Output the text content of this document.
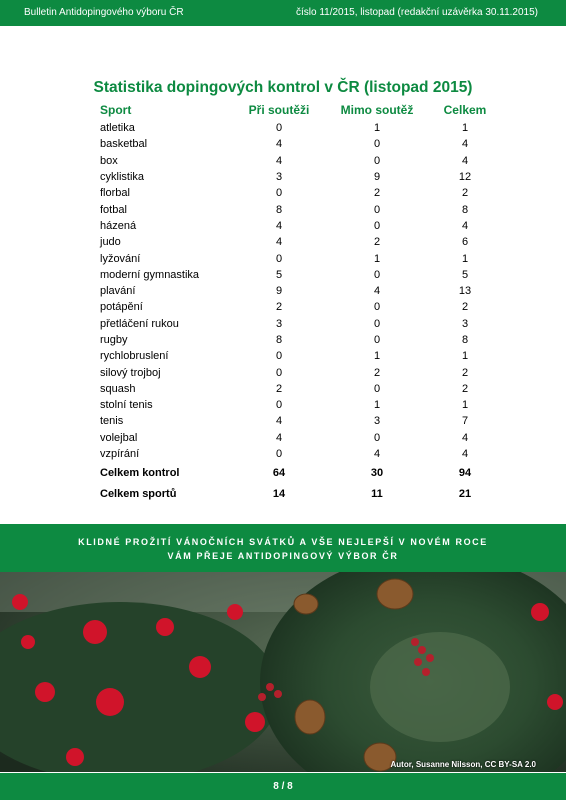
Bulletin Antidopingového výboru ČR	číslo 11/2015, listopad (redakční uzávěrka 30.11.2015)
Statistika dopingových kontrol v ČR (listopad 2015)
Sport	Při soutěži	Mimo soutěž	Celkem
atletika	0	1	1
basketbal	4	0	4
box	4	0	4
cyklistika	3	9	12
florbal	0	2	2
fotbal	8	0	8
házená	4	0	4
judo	4	2	6
lyžování	0	1	1
moderní gymnastika	5	0	5
plavání	9	4	13
potápění	2	0	2
přetláčení rukou	3	0	3
rugby	8	0	8
rychlobruslení	0	1	1
silový trojboj	0	2	2
squash	2	0	2
stolní tenis	0	1	1
tenis	4	3	7
volejbal	4	0	4
vzpírání	0	4	4
Celkem kontrol	64	30	94
Celkem sportů	14	11	21
KLIDNÉ PROŽITÍ VÁNOČNÍCH SVÁTKŮ A VŠE NEJLEPŠÍ V NOVÉM ROCE
VÁM PŘEJE ANTIDOPINGOVÝ VÝBOR ČR
Autor, Susanne Nilsson, CC BY-SA 2.0
8 / 8
